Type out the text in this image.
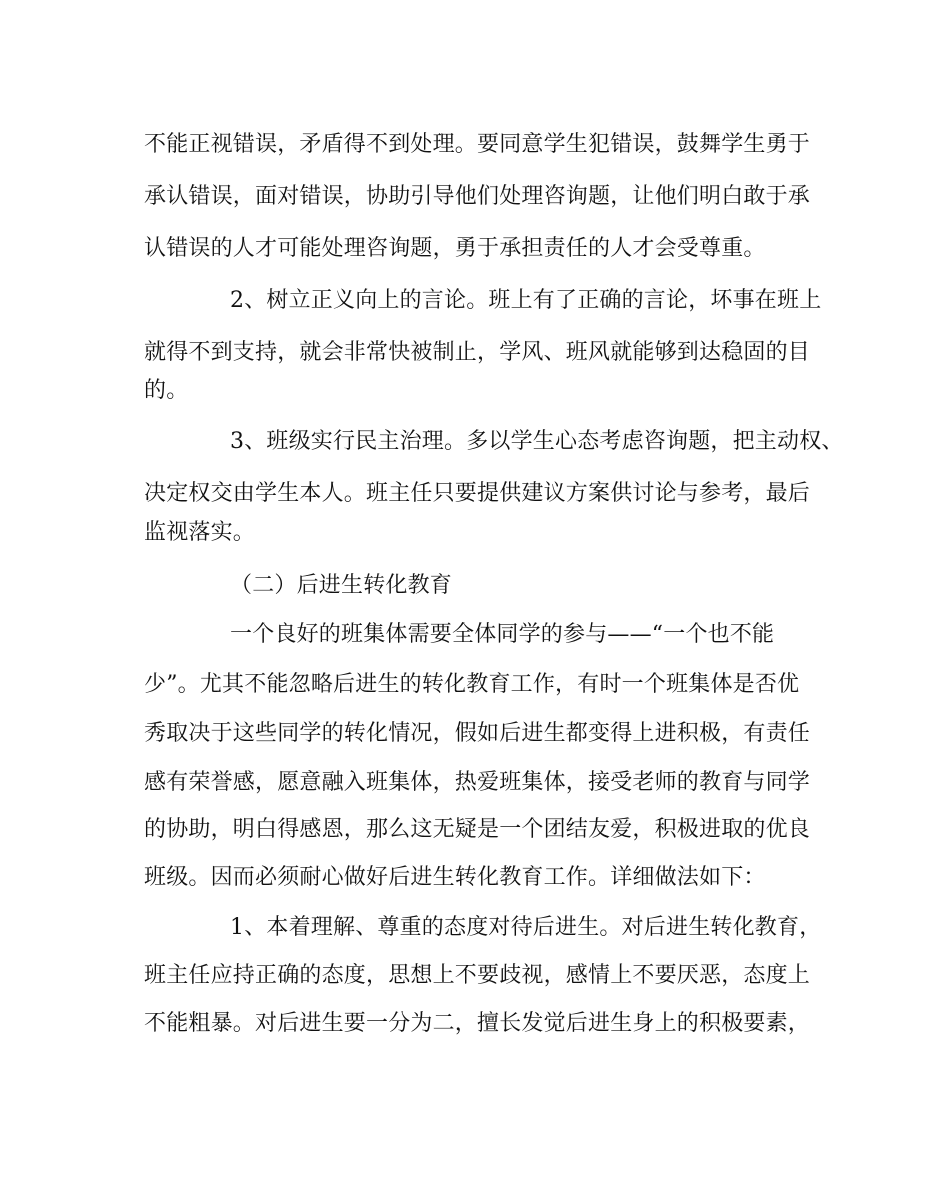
不能正视错误，矛盾得不到处理。要同意学生犯错误，鼓舞学生勇于
承认错误，面对错误，协助引导他们处理咨询题，让他们明白敢于承
认错误的人才可能处理咨询题，勇于承担责任的人才会受尊重。
2、树立正义向上的言论。班上有了正确的言论，坏事在班上
就得不到支持，就会非常快被制止，学风、班风就能够到达稳固的目
的。
3、班级实行民主治理。多以学生心态考虑咨询题，把主动权、
决定权交由学生本人。班主任只要提供建议方案供讨论与参考，最后
监视落实。
（二）后进生转化教育
一个良好的班集体需要全体同学的参与——“一个也不能
少”。尤其不能忽略后进生的转化教育工作，有时一个班集体是否优
秀取决于这些同学的转化情况，假如后进生都变得上进积极，有责任
感有荣誉感，愿意融入班集体，热爱班集体，接受老师的教育与同学
的协助，明白得感恩，那么这无疑是一个团结友爱，积极进取的优良
班级。因而必须耐心做好后进生转化教育工作。详细做法如下：
1、本着理解、尊重的态度对待后进生。对后进生转化教育，
班主任应持正确的态度，思想上不要歧视，感情上不要厌恶，态度上
不能粗暴。对后进生要一分为二，擅长发觉后进生身上的积极要素，
